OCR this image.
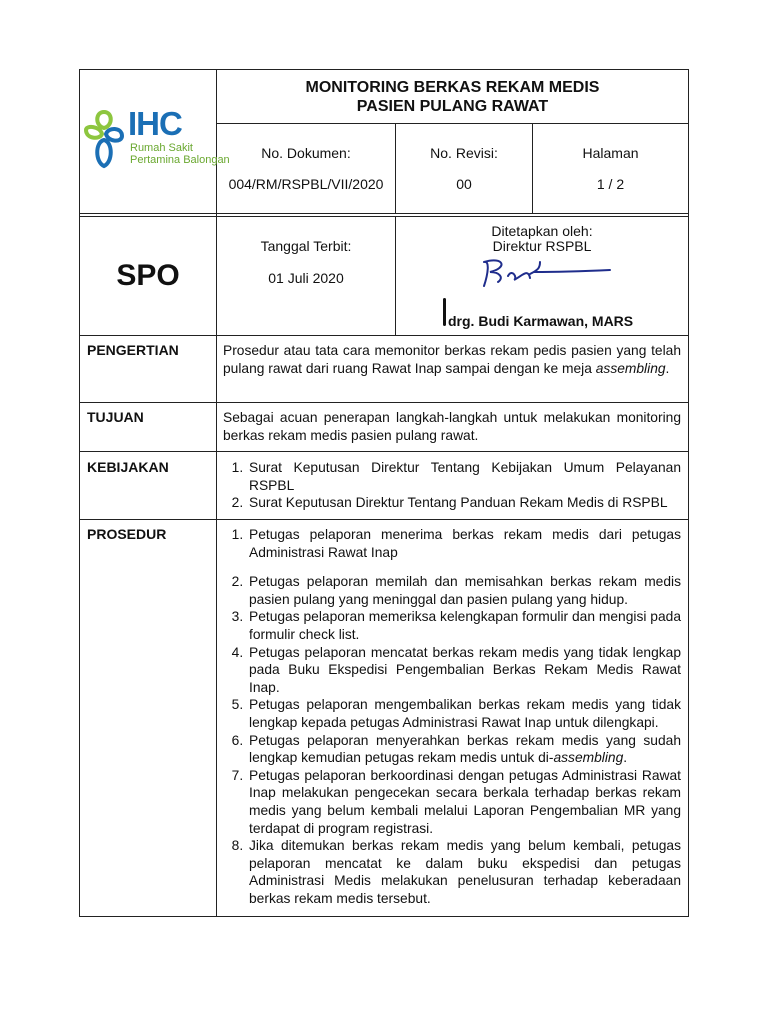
IHC
Rumah Sakit
Pertamina Balongan
MONITORING BERKAS REKAM MEDIS
PASIEN PULANG RAWAT
No. Dokumen:
004/RM/RSPBL/VII/2020
No. Revisi:
00
Halaman
1 / 2
SPO
Tanggal Terbit:
01 Juli 2020
Ditetapkan oleh:
Direktur RSPBL
drg. Budi Karmawan, MARS
PENGERTIAN	Prosedur atau tata cara memonitor berkas rekam pedis pasien yang telah pulang rawat dari ruang Rawat Inap sampai dengan ke meja assembling.
TUJUAN	Sebagai acuan penerapan langkah-langkah untuk melakukan monitoring berkas rekam medis pasien pulang rawat.
KEBIJAKAN	1. Surat Keputusan Direktur Tentang Kebijakan Umum Pelayanan RSPBL
2. Surat Keputusan Direktur Tentang Panduan Rekam Medis di RSPBL
PROSEDUR	1. Petugas pelaporan menerima berkas rekam medis dari petugas Administrasi Rawat Inap
2. Petugas pelaporan memilah dan memisahkan berkas rekam medis pasien pulang yang meninggal dan pasien pulang yang hidup.
3. Petugas pelaporan memeriksa kelengkapan formulir dan mengisi pada formulir check list.
4. Petugas pelaporan mencatat berkas rekam medis yang tidak lengkap pada Buku Ekspedisi Pengembalian Berkas Rekam Medis Rawat Inap.
5. Petugas pelaporan mengembalikan berkas rekam medis yang tidak lengkap kepada petugas Administrasi Rawat Inap untuk dilengkapi.
6. Petugas pelaporan menyerahkan berkas rekam medis yang sudah lengkap kemudian petugas rekam medis untuk di-assembling.
7. Petugas pelaporan berkoordinasi dengan petugas Administrasi Rawat Inap melakukan pengecekan secara berkala terhadap berkas rekam medis yang belum kembali melalui Laporan Pengembalian MR yang terdapat di program registrasi.
8. Jika ditemukan berkas rekam medis yang belum kembali, petugas pelaporan mencatat ke dalam buku ekspedisi dan petugas Administrasi Medis melakukan penelusuran terhadap keberadaan berkas rekam medis tersebut.
